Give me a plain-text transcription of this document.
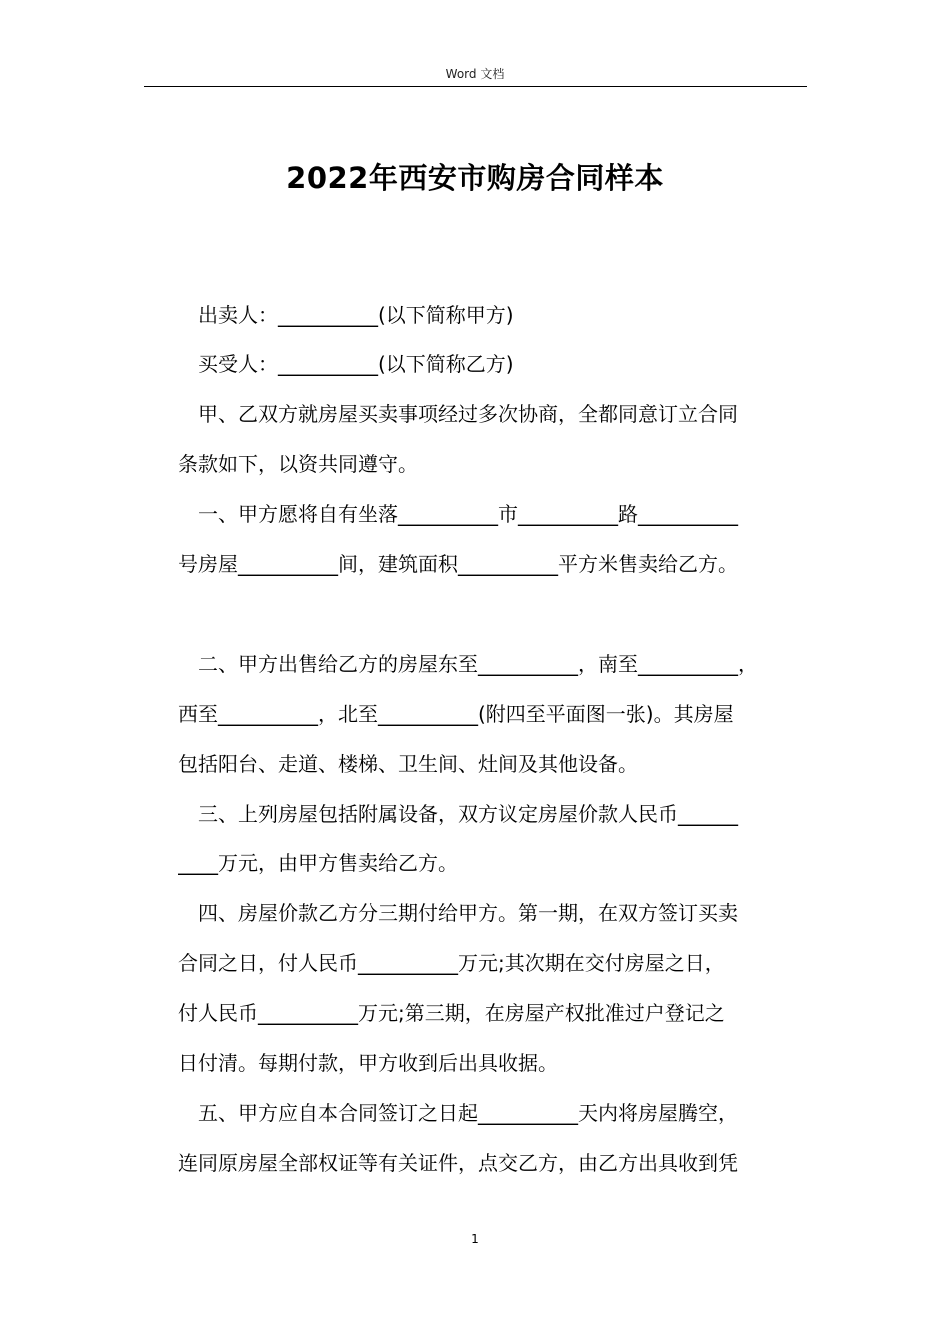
Word 文档
2022年西安市购房合同样本
出卖人：__________(以下简称甲方)
买受人：__________(以下简称乙方)
甲、乙双方就房屋买卖事项经过多次协商，全都同意订立合同
条款如下，以资共同遵守。
一、甲方愿将自有坐落__________市__________路__________
号房屋__________间，建筑面积__________平方米售卖给乙方。
二、甲方出售给乙方的房屋东至__________，南至__________，
西至__________，北至__________(附四至平面图一张)。其房屋
包括阳台、走道、楼梯、卫生间、灶间及其他设备。
三、上列房屋包括附属设备，双方议定房屋价款人民币______
____万元，由甲方售卖给乙方。
四、房屋价款乙方分三期付给甲方。第一期，在双方签订买卖
合同之日，付人民币__________万元;其次期在交付房屋之日，
付人民币__________万元;第三期，在房屋产权批准过户登记之
日付清。每期付款，甲方收到后出具收据。
五、甲方应自本合同签订之日起__________天内将房屋腾空，
连同原房屋全部权证等有关证件，点交乙方，由乙方出具收到凭
1
